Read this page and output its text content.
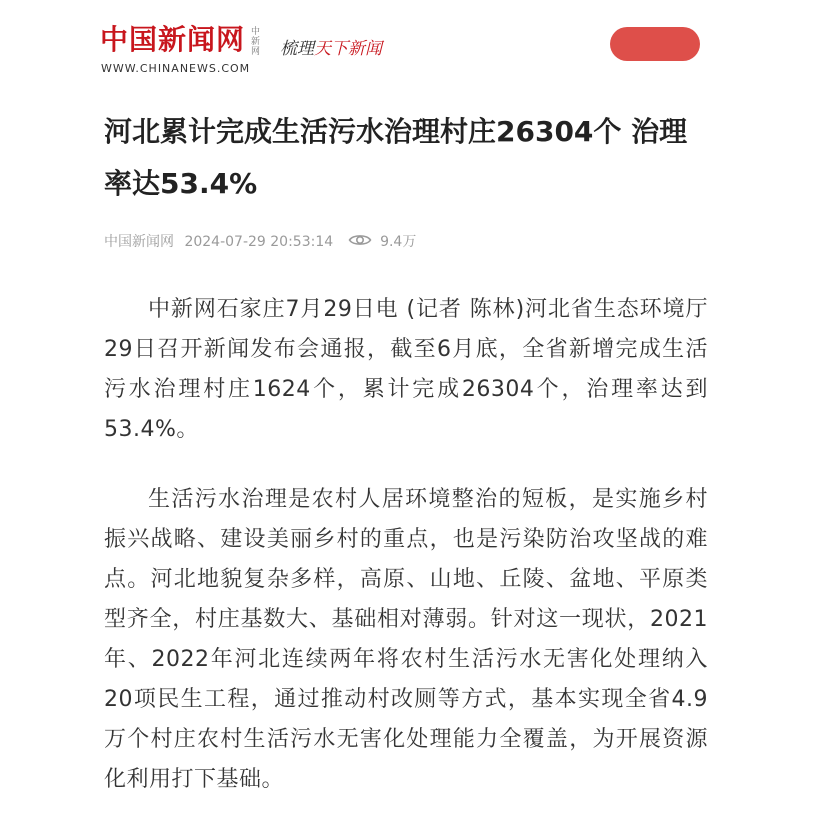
中国新闻网 中新网
WWW.CHINANEWS.COM
梳理天下新闻
河北累计完成生活污水治理村庄26304个 治理率达53.4%
中国新闻网 2024-07-29 20:53:14	9.4万

中新网石家庄7月29日电 (记者 陈林)河北省生态环境厅29日召开新闻发布会通报，截至6月底，全省新增完成生活污水治理村庄1624个，累计完成26304个，治理率达到53.4%。

生活污水治理是农村人居环境整治的短板，是实施乡村振兴战略、建设美丽乡村的重点，也是污染防治攻坚战的难点。河北地貌复杂多样，高原、山地、丘陵、盆地、平原类型齐全，村庄基数大、基础相对薄弱。针对这一现状，2021年、2022年河北连续两年将农村生活污水无害化处理纳入20项民生工程，通过推动村改厕等方式，基本实现全省4.9万个村庄农村生活污水无害化处理能力全覆盖，为开展资源化利用打下基础。
